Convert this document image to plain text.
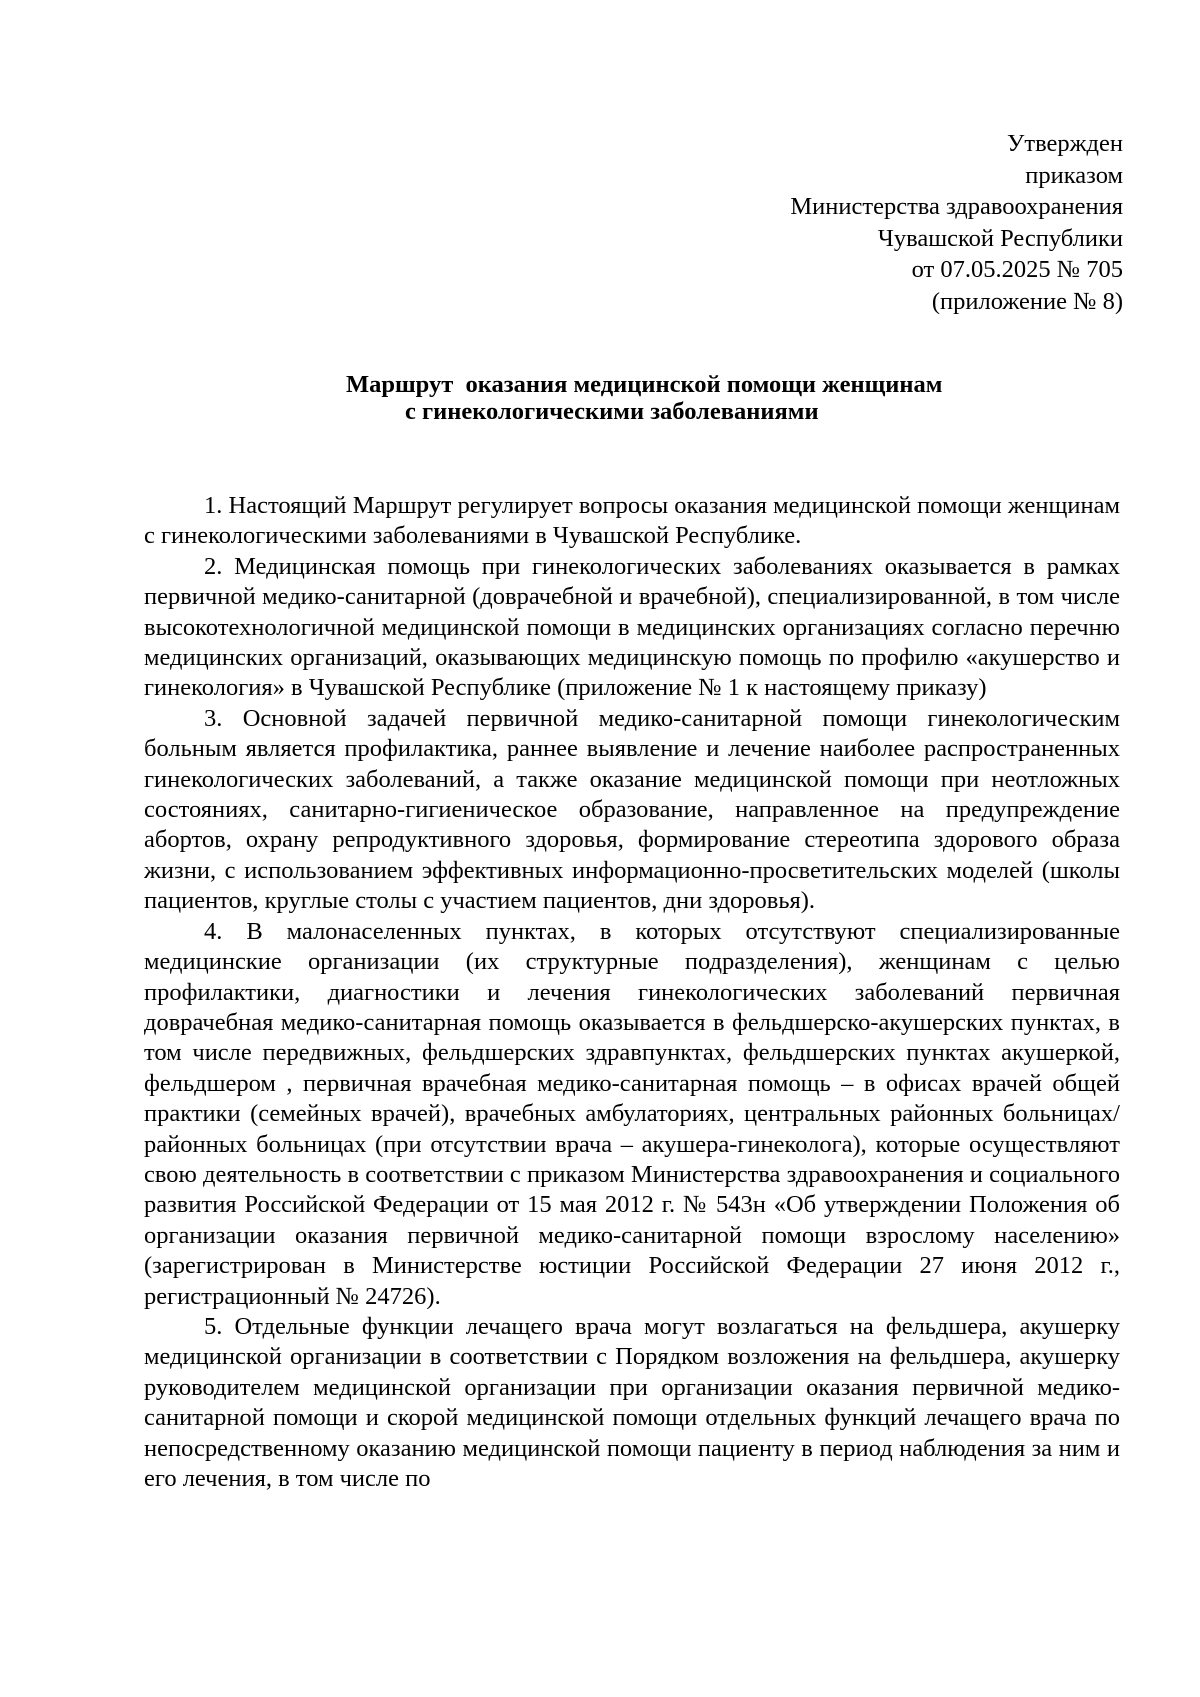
Утвержден
приказом
Министерства здравоохранения
Чувашской Республики
от 07.05.2025 № 705
(приложение № 8)
Маршрут  оказания медицинской помощи женщинам
с гинекологическими заболеваниями

1. Настоящий Маршрут регулирует вопросы оказания медицинской помощи женщинам с гинекологическими заболеваниями в Чувашской Республике.

2. Медицинская помощь при гинекологических заболеваниях оказывается в рамках первичной медико-санитарной (доврачебной и врачебной), специализированной, в том числе высокотехнологичной медицинской помощи в медицинских организациях согласно перечню медицинских организаций, оказывающих медицинскую помощь по профилю «акушерство и гинекология» в Чувашской Республике (приложение № 1 к настоящему приказу)

3. Основной задачей первичной медико-санитарной помощи гинекологическим больным является профилактика, раннее выявление и лечение наиболее распространенных гинекологических заболеваний, а также оказание медицинской помощи при неотложных состояниях, санитарно-гигиеническое образование, направленное на предупреждение абортов, охрану репродуктивного здоровья, формирование стереотипа здорового образа жизни, с использованием эффективных информационно-просветительских моделей (школы пациентов, круглые столы с участием пациентов, дни здоровья).

4. В малонаселенных пунктах, в которых отсутствуют специализированные медицинские организации (их структурные подразделения), женщинам с целью профилактики, диагностики и лечения гинекологических заболеваний первичная доврачебная медико-санитарная помощь оказывается в фельдшерско-акушерских пунктах, в том числе передвижных, фельдшерских здравпунктах, фельдшерских пунктах акушеркой, фельдшером , первичная врачебная медико-санитарная помощь – в офисах врачей общей практики (семейных врачей), врачебных амбулаториях, центральных районных больницах/районных больницах (при отсутствии врача – акушера-гинеколога), которые осуществляют свою деятельность в соответствии с приказом Министерства здравоохранения и социального развития Российской Федерации от 15 мая 2012 г. № 543н «Об утверждении Положения об организации оказания первичной медико-санитарной помощи взрослому населению» (зарегистрирован в Министерстве юстиции Российской Федерации 27 июня 2012 г., регистрационный № 24726).

5. Отдельные функции лечащего врача могут возлагаться на фельдшера, акушерку медицинской организации в соответствии с Порядком возложения на фельдшера, акушерку руководителем медицинской организации при организации оказания первичной медико-санитарной помощи и скорой медицинской помощи отдельных функций лечащего врача по непосредственному оказанию медицинской помощи пациенту в период наблюдения за ним и его лечения, в том числе по
